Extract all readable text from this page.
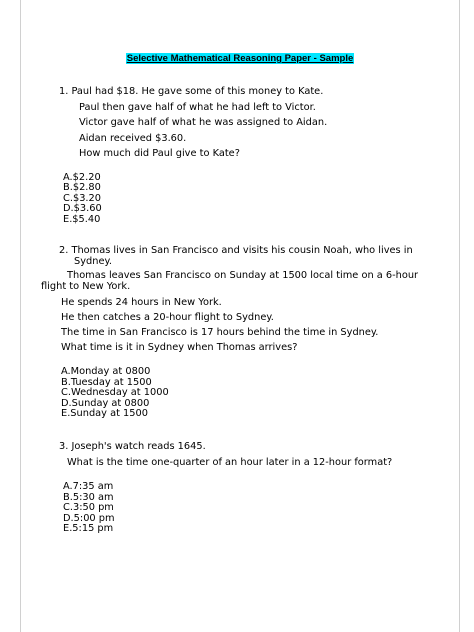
Selective Mathematical Reasoning Paper - Sample
1. Paul had $18. He gave some of this money to Kate.
Paul then gave half of what he had left to Victor.
Victor gave half of what he was assigned to Aidan.
Aidan received $3.60.
How much did Paul give to Kate?
A.$2.20
B.$2.80
C.$3.20
D.$3.60
E.$5.40
2. Thomas lives in San Francisco and visits his cousin Noah, who lives in
Sydney.
Thomas leaves San Francisco on Sunday at 1500 local time on a 6-hour
flight to New York.
He spends 24 hours in New York.
He then catches a 20-hour flight to Sydney.
The time in San Francisco is 17 hours behind the time in Sydney.
What time is it in Sydney when Thomas arrives?
A.Monday at 0800
B.Tuesday at 1500
C.Wednesday at 1000
D.Sunday at 0800
E.Sunday at 1500
3. Joseph's watch reads 1645.
What is the time one-quarter of an hour later in a 12-hour format?
A.7:35 am
B.5:30 am
C.3:50 pm
D.5:00 pm
E.5:15 pm
